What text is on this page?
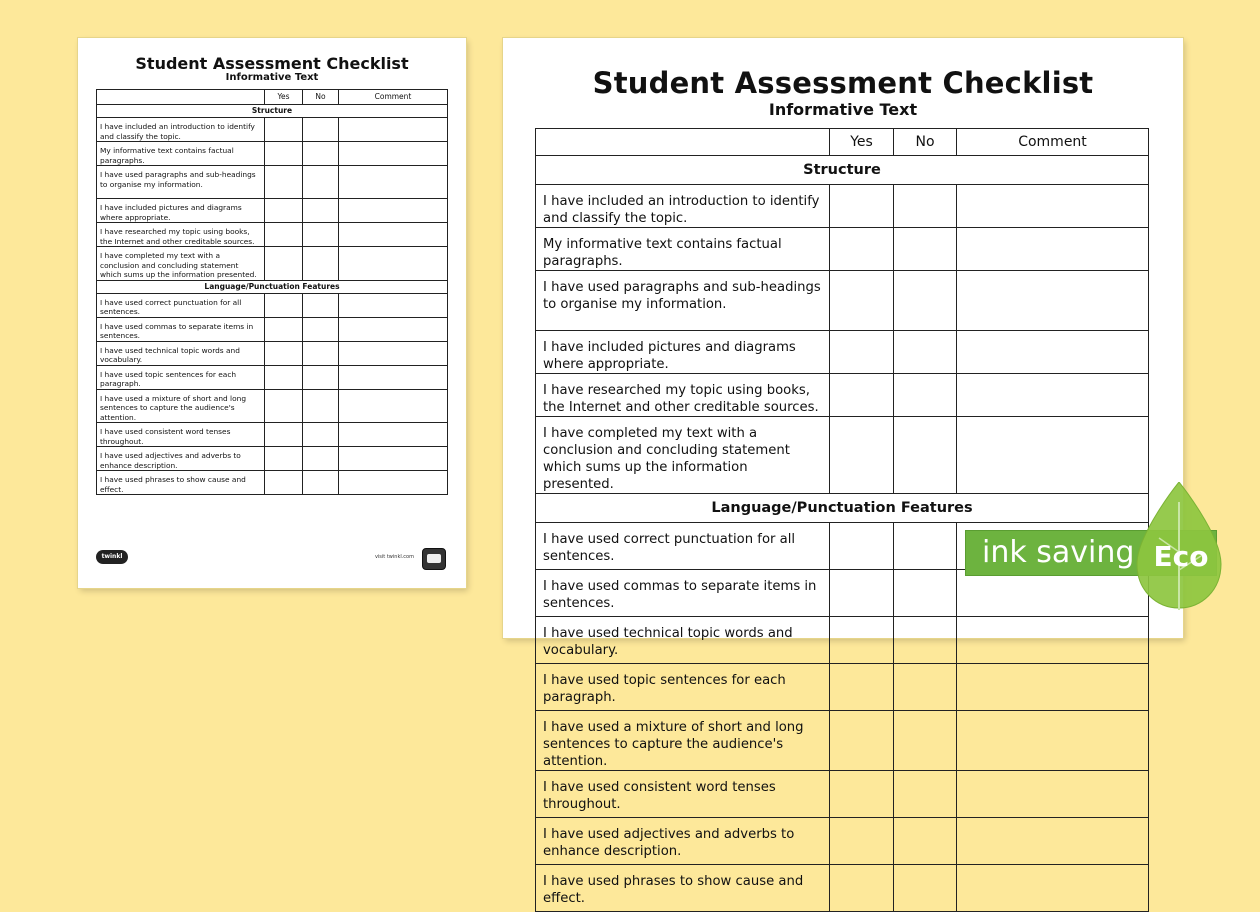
Student Assessment Checklist
Informative Text
	Yes	No	Comment
Structure			
I have included an introduction to identify and classify the topic.			
My informative text contains factual paragraphs.			
I have used paragraphs and sub-headings to organise my information.			
I have included pictures and diagrams where appropriate.			
I have researched my topic using books, the Internet and other creditable sources.			
I have completed my text with a conclusion and concluding statement which sums up the information presented.			
Language/Punctuation Features			
I have used correct punctuation for all sentences.			
I have used commas to separate items in sentences.			
I have used technical topic words and vocabulary.			
I have used topic sentences for each paragraph.			
I have used a mixture of short and long sentences to capture the audience's attention.			
I have used consistent word tenses throughout.			
I have used adjectives and adverbs to enhance description.			
I have used phrases to show cause and effect.			
twinkl	visit twinkl.com
Student Assessment Checklist
Informative Text
	Yes	No	Comment
Structure			
I have included an introduction to identify and classify the topic.			
My informative text contains factual paragraphs.			
I have used paragraphs and sub-headings to organise my information.			
I have included pictures and diagrams where appropriate.			
I have researched my topic using books, the Internet and other creditable sources.			
I have completed my text with a conclusion and concluding statement which sums up the information presented.			
Language/Punctuation Features			
I have used correct punctuation for all sentences.			
I have used commas to separate items in sentences.			
I have used technical topic words and vocabulary.			
I have used topic sentences for each paragraph.			
I have used a mixture of short and long sentences to capture the audience's attention.			
I have used consistent word tenses throughout.			
I have used adjectives and adverbs to enhance description.			
I have used phrases to show cause and effect.			
ink saving Eco
